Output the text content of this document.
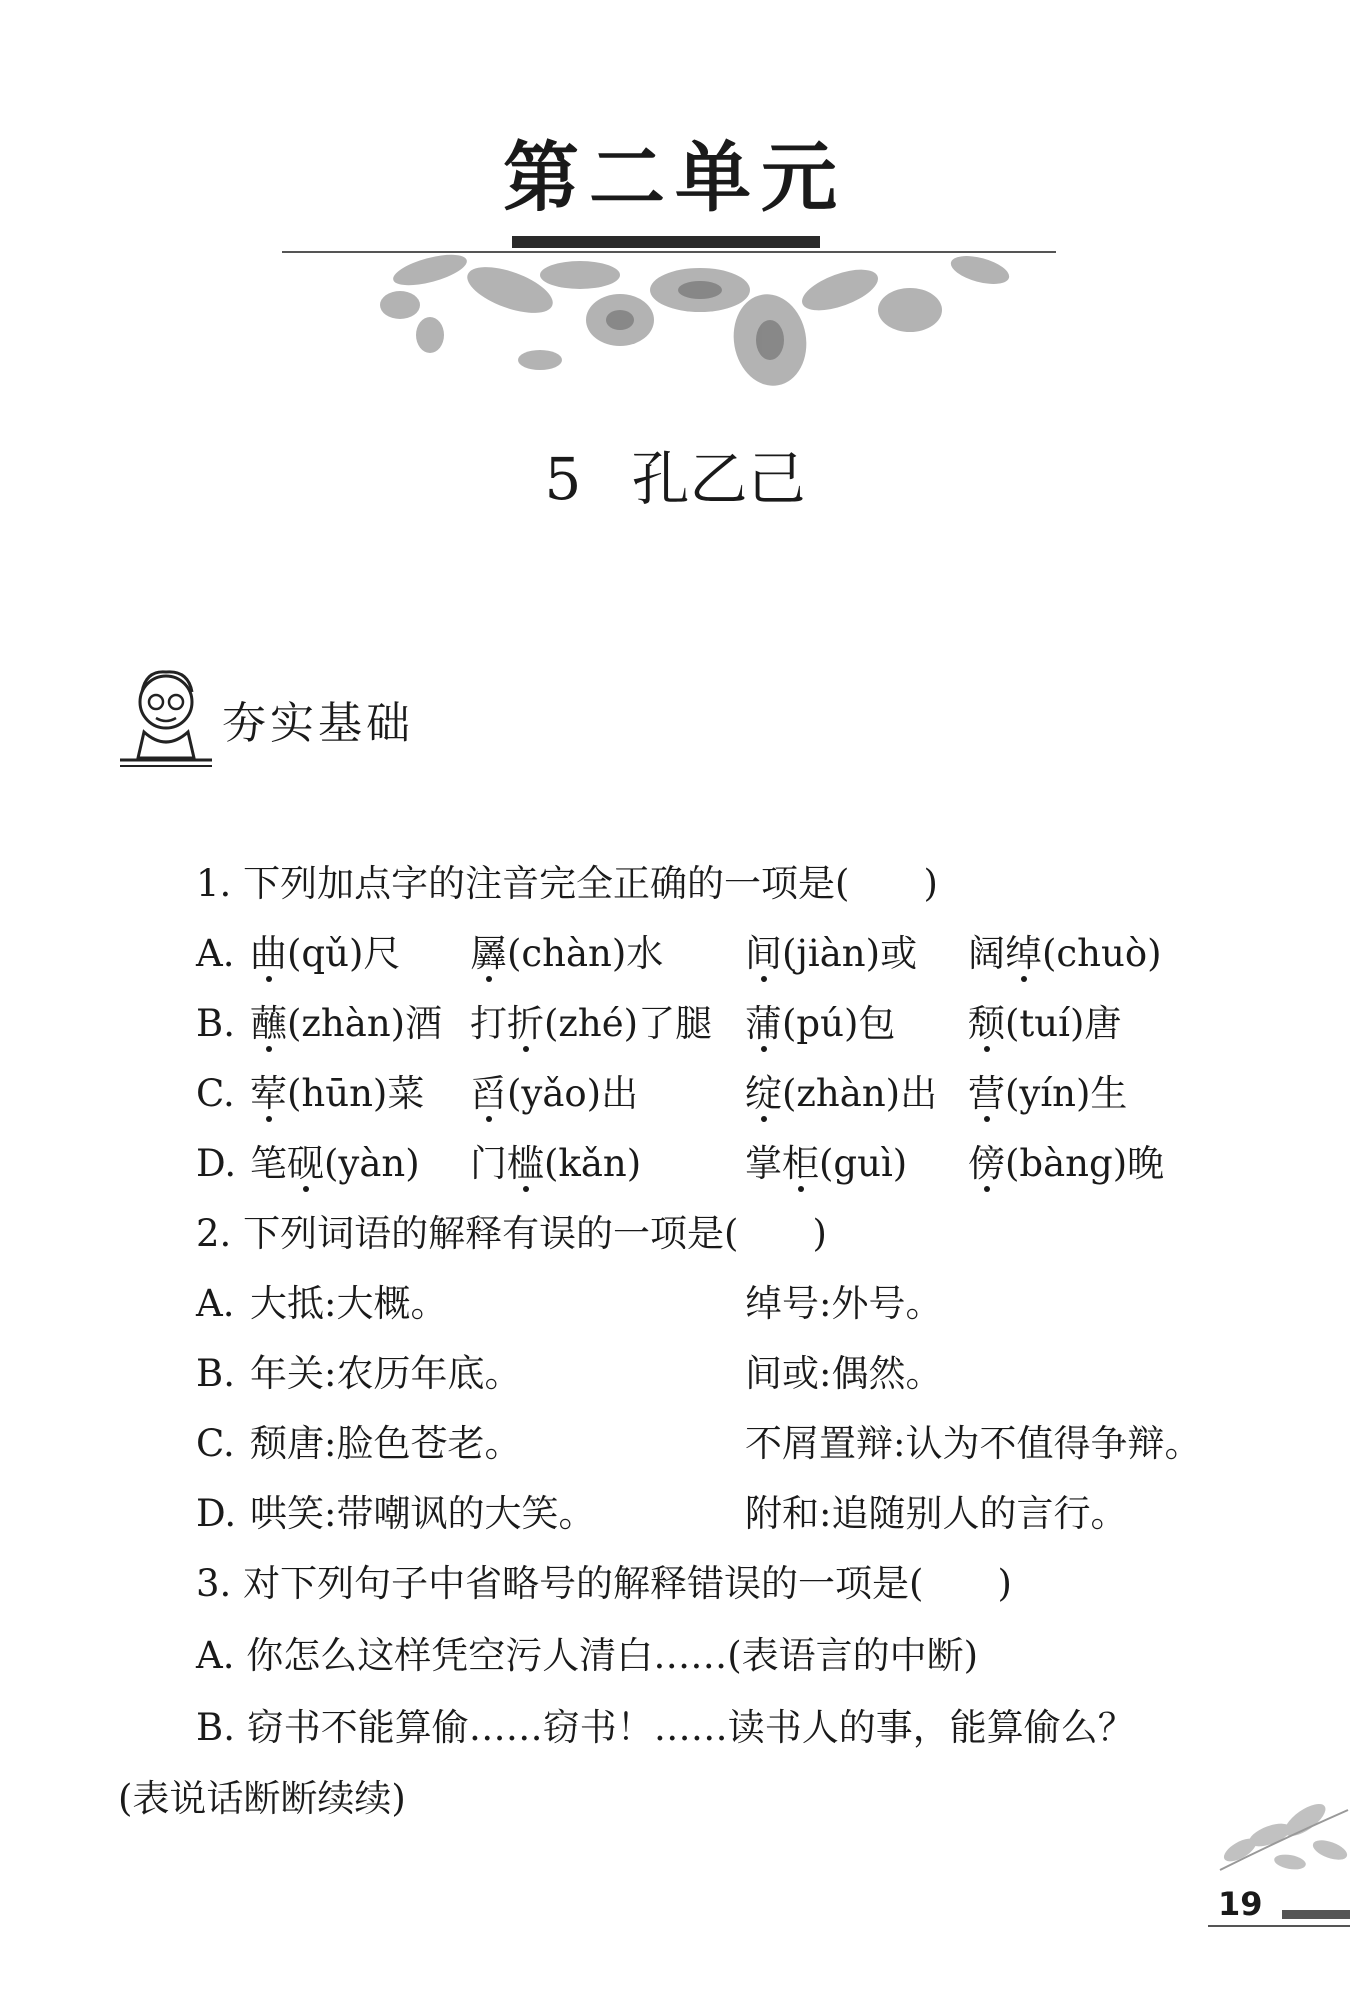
第二单元
5 孔乙己
夯实基础
1. 下列加点字的注音完全正确的一项是(　　)
A. 曲(qǔ)尺 羼(chàn)水 间(jiàn)或 阔绰(chuò)
B. 蘸(zhàn)酒 打折(zhé)了腿 蒲(pú)包 颓(tuí)唐
C. 荤(hūn)菜 舀(yǎo)出	绽(zhàn)出 营(yín)生
D. 笔砚(yàn) 门槛(kǎn)	掌柜(guì) 傍(bàng)晚
2. 下列词语的解释有误的一项是(　　)
A. 大抵:大概。	绰号:外号。
B. 年关:农历年底。	间或:偶然。
C. 颓唐:脸色苍老。	不屑置辩:认为不值得争辩。
D. 哄笑:带嘲讽的大笑。	附和:追随别人的言行。
3. 对下列句子中省略号的解释错误的一项是(　　)
A. 你怎么这样凭空污人清白……(表语言的中断)
B. 窃书不能算偷……窃书！……读书人的事，能算偷么？
(表说话断断续续)
19
